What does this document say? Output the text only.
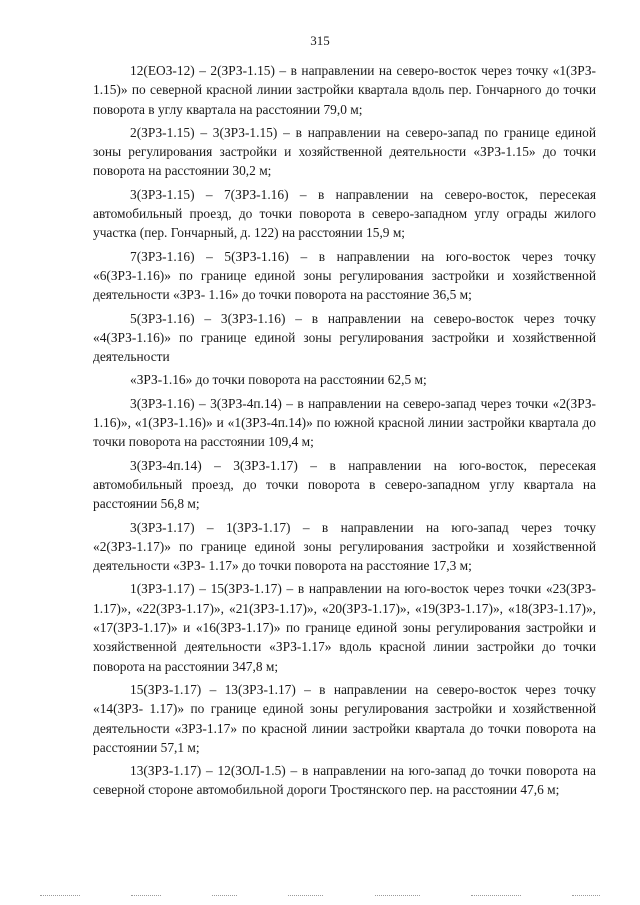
315

12(ЕОЗ-12) – 2(ЗРЗ-1.15) – в направлении на северо-восток через точку «1(ЗРЗ- 1.15)» по северной красной линии застройки квартала вдоль пер. Гончарного до точки поворота в углу квартала на расстоянии 79,0 м;

2(ЗРЗ-1.15) – 3(ЗРЗ-1.15) – в направлении на северо-запад по границе единой зоны регулирования застройки и хозяйственной деятельности «ЗРЗ-1.15» до точки поворота на расстоянии 30,2 м;

3(ЗРЗ-1.15) – 7(ЗРЗ-1.16) – в направлении на северо-восток, пересекая автомобильный проезд, до точки поворота в северо-западном углу ограды жилого участка (пер. Гончарный, д. 122) на расстоянии 15,9 м;

7(ЗРЗ-1.16) – 5(ЗРЗ-1.16) – в направлении на юго-восток через точку «6(ЗРЗ-1.16)» по границе единой зоны регулирования застройки и хозяйственной деятельности «ЗРЗ- 1.16» до точки поворота на расстояние 36,5 м;

5(ЗРЗ-1.16) – 3(ЗРЗ-1.16) – в направлении на северо-восток через точку «4(ЗРЗ-1.16)» по границе единой зоны регулирования застройки и хозяйственной деятельности

«ЗРЗ-1.16» до точки поворота на расстоянии 62,5 м;

3(ЗРЗ-1.16) – 3(ЗРЗ-4п.14) – в направлении на северо-запад через точки «2(ЗРЗ- 1.16)», «1(ЗРЗ-1.16)» и «1(ЗРЗ-4п.14)» по южной красной линии застройки квартала до точки поворота на расстоянии 109,4 м;

3(ЗРЗ-4п.14) – 3(ЗРЗ-1.17) – в направлении на юго-восток, пересекая автомобильный проезд, до точки поворота в северо-западном углу квартала на расстоянии 56,8 м;

3(ЗРЗ-1.17) – 1(ЗРЗ-1.17) – в направлении на юго-запад через точку «2(ЗРЗ-1.17)» по границе единой зоны регулирования застройки и хозяйственной деятельности «ЗРЗ- 1.17» до точки поворота на расстояние 17,3 м;

1(ЗРЗ-1.17) – 15(ЗРЗ-1.17) – в направлении на юго-восток через точки «23(ЗРЗ- 1.17)», «22(ЗРЗ-1.17)», «21(ЗРЗ-1.17)», «20(ЗРЗ-1.17)», «19(ЗРЗ-1.17)», «18(ЗРЗ-1.17)», «17(ЗРЗ-1.17)» и «16(ЗРЗ-1.17)» по границе единой зоны регулирования застройки и хозяйственной деятельности «ЗРЗ-1.17» вдоль красной линии застройки до точки поворота на расстоянии 347,8 м;

15(ЗРЗ-1.17) – 13(ЗРЗ-1.17) – в направлении на северо-восток через точку «14(ЗРЗ- 1.17)» по границе единой зоны регулирования застройки и хозяйственной деятельности «ЗРЗ-1.17» по красной линии застройки квартала до точки поворота на расстоянии 57,1 м;

13(ЗРЗ-1.17) – 12(ЗОЛ-1.5) – в направлении на юго-запад до точки поворота на северной стороне автомобильной дороги Тростянского пер. на расстоянии 47,6 м;
